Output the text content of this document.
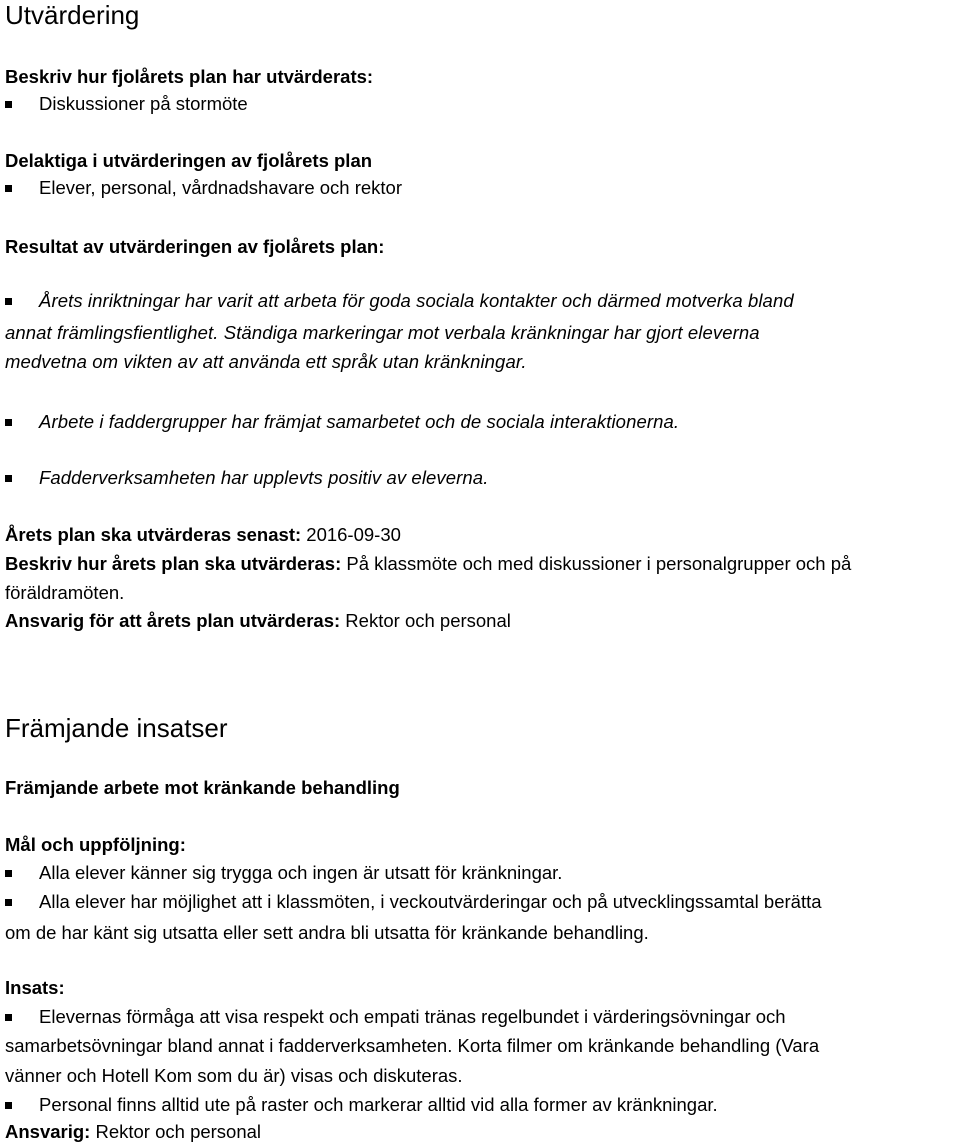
Utvärdering
Beskriv hur fjolårets plan har utvärderats:
Diskussioner på stormöte
Delaktiga i utvärderingen av fjolårets plan
Elever, personal, vårdnadshavare och rektor
Resultat av utvärderingen av fjolårets plan:
Årets inriktningar har varit att arbeta för goda sociala kontakter och därmed motverka bland
annat främlingsfientlighet. Ständiga markeringar mot verbala kränkningar har gjort eleverna
medvetna om vikten av att använda ett språk utan kränkningar.
Arbete i faddergrupper har främjat samarbetet och de sociala interaktionerna.
Fadderverksamheten har upplevts positiv av eleverna.
Årets plan ska utvärderas senast: 2016-09-30
Beskriv hur årets plan ska utvärderas: På klassmöte och med diskussioner i personalgrupper och på
föräldramöten.
Ansvarig för att årets plan utvärderas: Rektor och personal
Främjande insatser
Främjande arbete mot kränkande behandling
Mål och uppföljning:
Alla elever känner sig trygga och ingen är utsatt för kränkningar.
Alla elever har möjlighet att i klassmöten, i veckoutvärderingar och på utvecklingssamtal berätta
om de har känt sig utsatta eller sett andra bli utsatta för kränkande behandling.
Insats:
Elevernas förmåga att visa respekt och empati tränas regelbundet i värderingsövningar och
samarbetsövningar bland annat i fadderverksamheten. Korta filmer om kränkande behandling (Vara
vänner och Hotell Kom som du är) visas och diskuteras.
Personal finns alltid ute på raster och markerar alltid vid alla former av kränkningar.
Ansvarig: Rektor och personal
